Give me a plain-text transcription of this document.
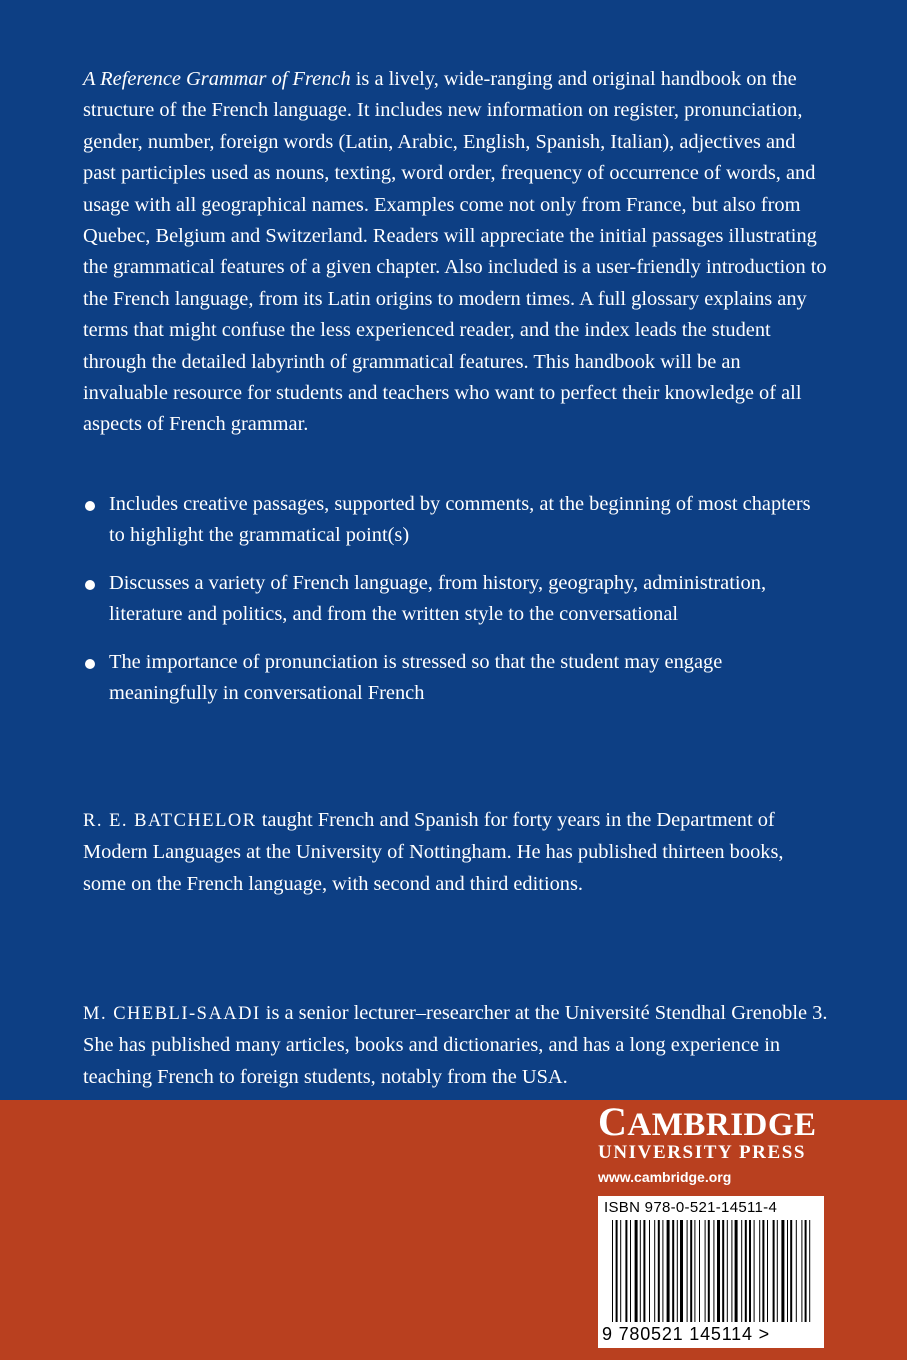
A Reference Grammar of French is a lively, wide-ranging and original handbook on the structure of the French language. It includes new information on register, pronunciation, gender, number, foreign words (Latin, Arabic, English, Spanish, Italian), adjectives and past participles used as nouns, texting, word order, frequency of occurrence of words, and usage with all geographical names. Examples come not only from France, but also from Quebec, Belgium and Switzerland. Readers will appreciate the initial passages illustrating the grammatical features of a given chapter. Also included is a user-friendly introduction to the French language, from its Latin origins to modern times. A full glossary explains any terms that might confuse the less experienced reader, and the index leads the student through the detailed labyrinth of grammatical features. This handbook will be an invaluable resource for students and teachers who want to perfect their knowledge of all aspects of French grammar.

Includes creative passages, supported by comments, at the beginning of most chapters to highlight the grammatical point(s)
Discusses a variety of French language, from history, geography, administration, literature and politics, and from the written style to the conversational
The importance of pronunciation is stressed so that the student may engage meaningfully in conversational French

R. E. BATCHELOR taught French and Spanish for forty years in the Department of Modern Languages at the University of Nottingham. He has published thirteen books, some on the French language, with second and third editions.

M. CHEBLI-SAADI is a senior lecturer–researcher at the Université Stendhal Grenoble 3. She has published many articles, books and dictionaries, and has a long experience in teaching French to foreign students, notably from the USA.

CAMBRIDGE

UNIVERSITY PRESS

www.cambridge.org

ISBN 978-0-521-14511-4
9 780521 145114 >
